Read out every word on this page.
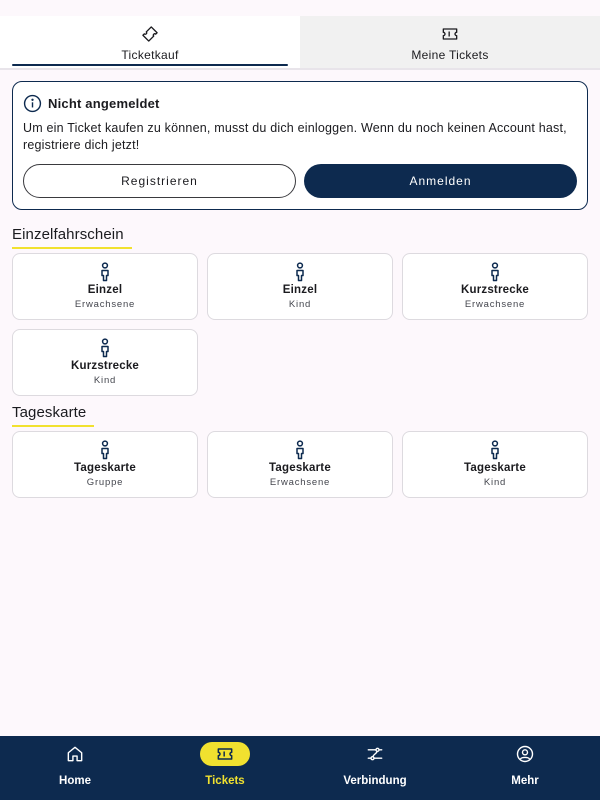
Ticketkauf	Meine Tickets
Nicht angemeldet
Um ein Ticket kaufen zu können, musst du dich einloggen. Wenn du noch keinen Account hast, registriere dich jetzt!
Registrieren	Anmelden
Einzelfahrschein
Einzel
Erwachsene
Einzel
Kind
Kurzstrecke
Erwachsene
Kurzstrecke
Kind
Tageskarte
Tageskarte
Gruppe
Tageskarte
Erwachsene
Tageskarte
Kind
Home	Tickets	Verbindung	Mehr
